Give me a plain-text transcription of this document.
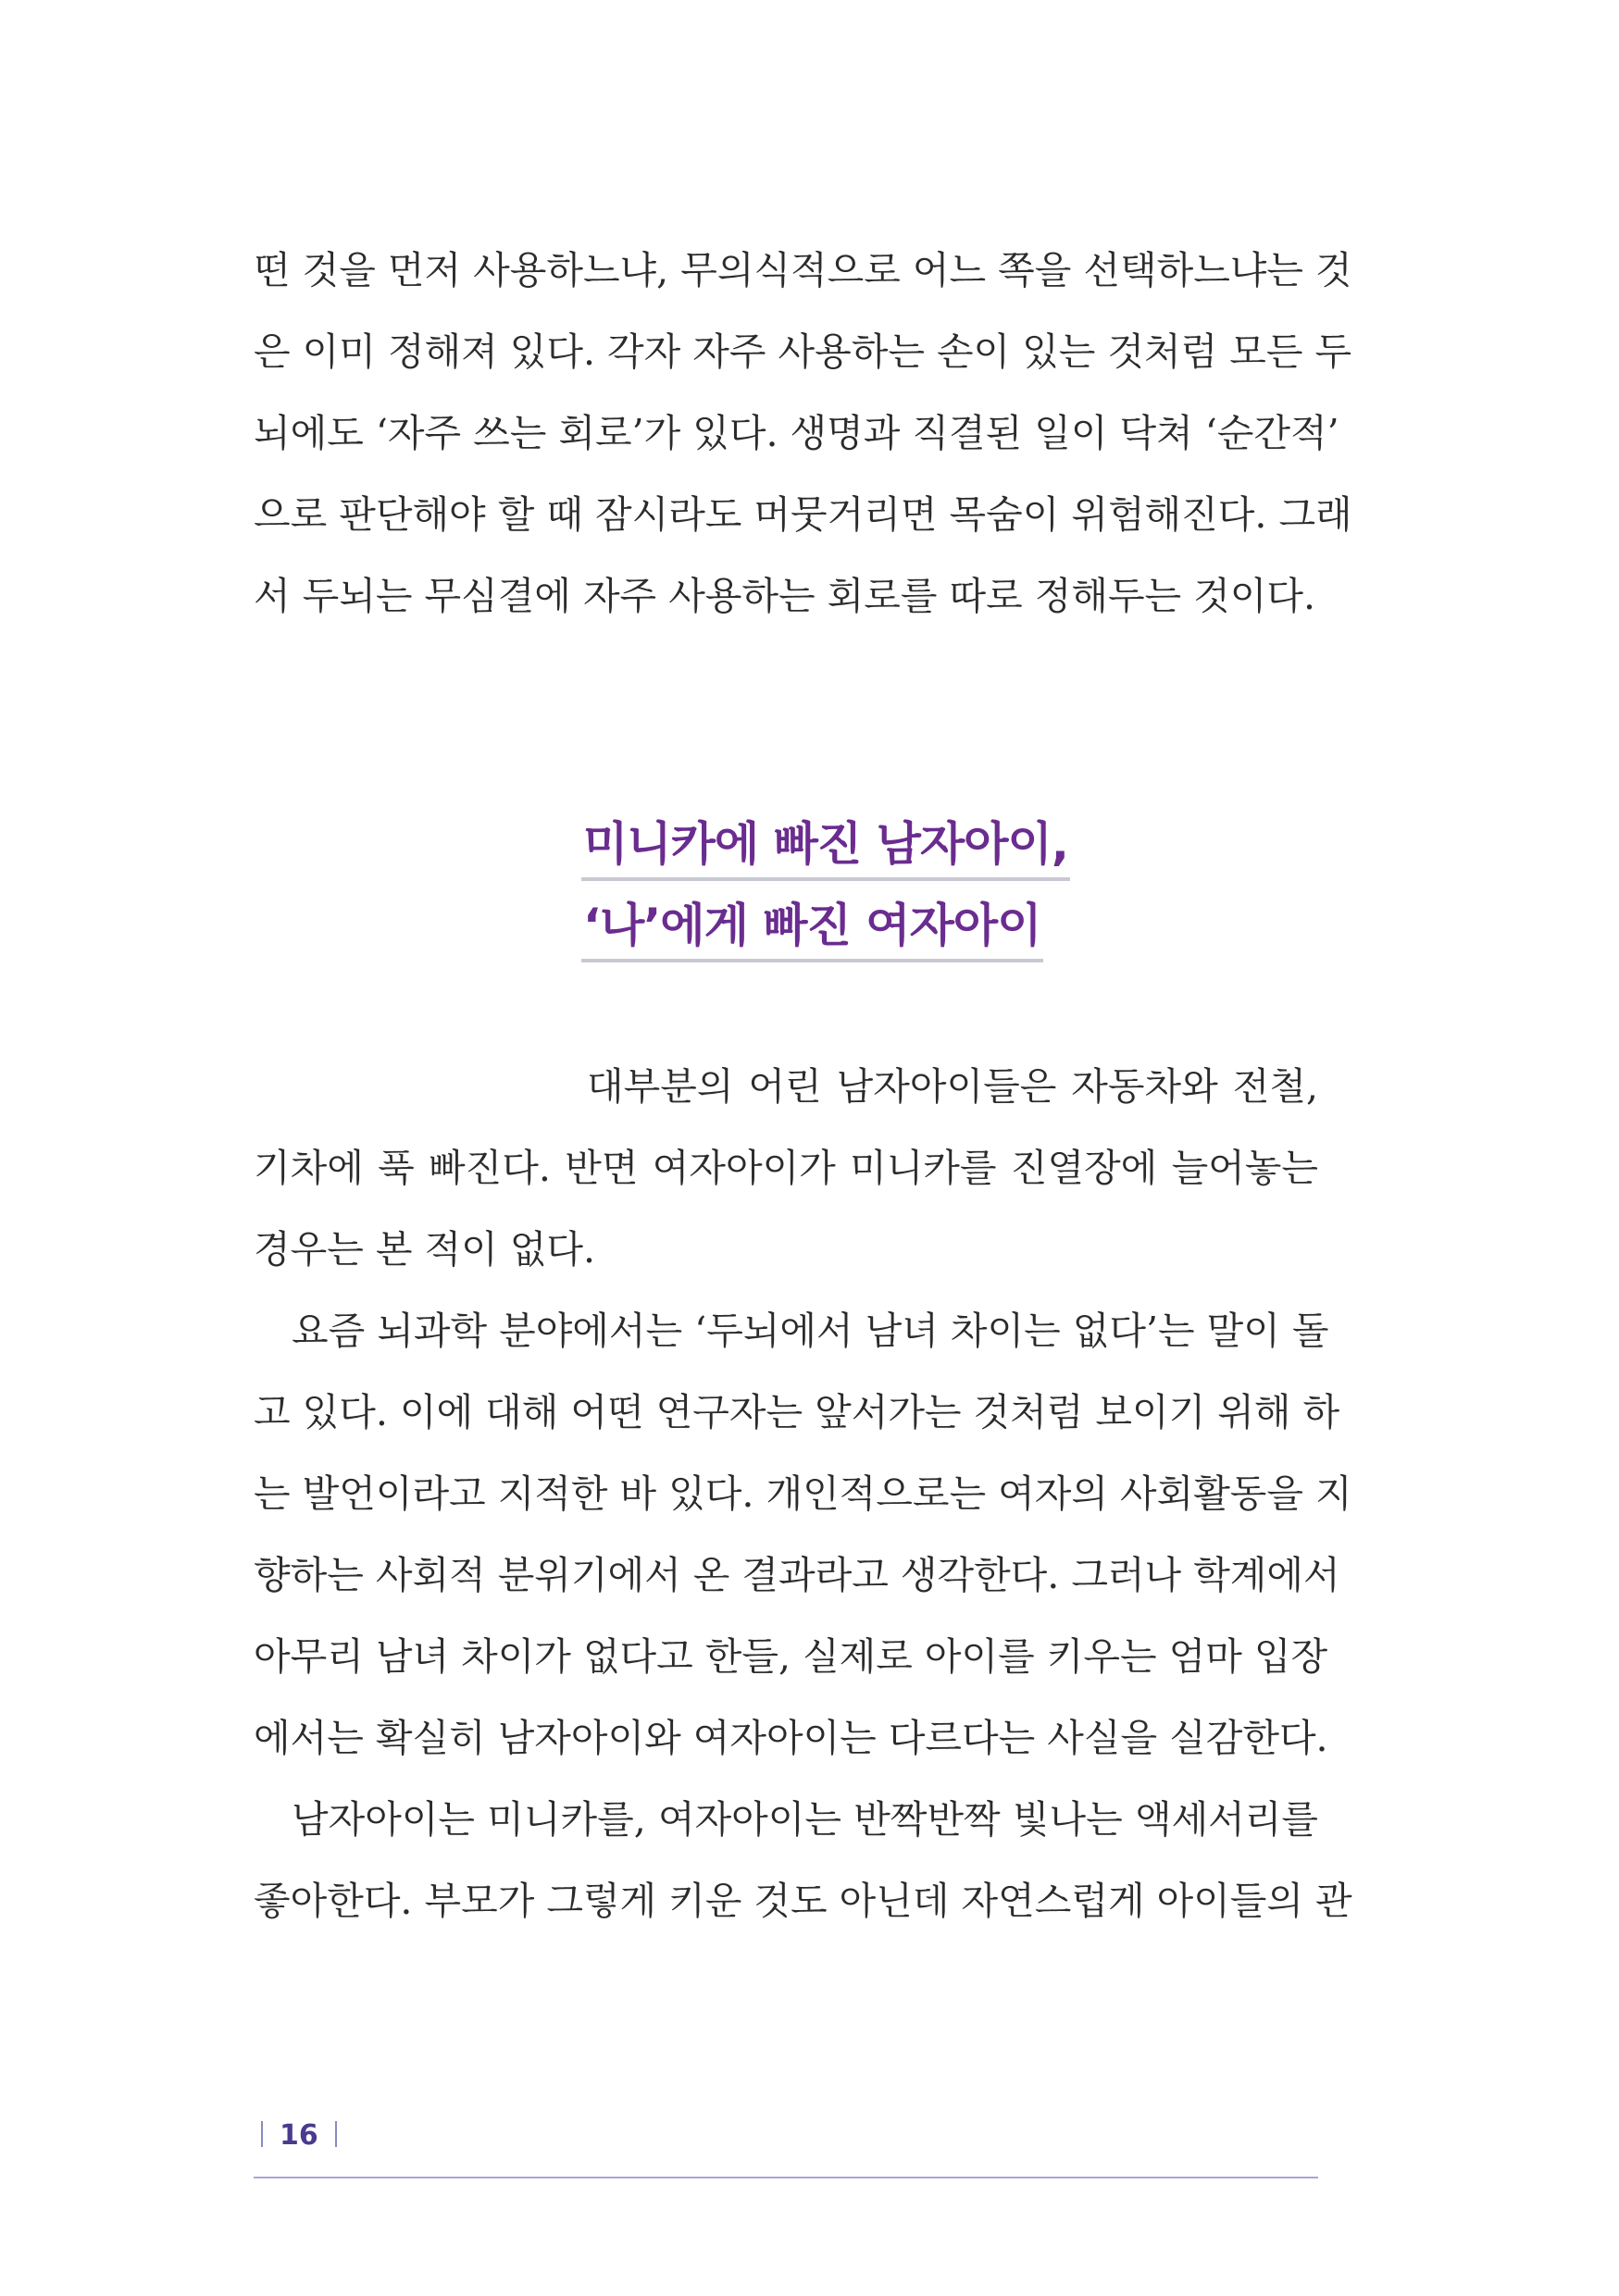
떤 것을 먼저 사용하느냐, 무의식적으로 어느 쪽을 선택하느냐는 것
은 이미 정해져 있다. 각자 자주 사용하는 손이 있는 것처럼 모든 두
뇌에도 ‘자주 쓰는 회로’가 있다. 생명과 직결된 일이 닥쳐 ‘순간적’
으로 판단해야 할 때 잠시라도 머뭇거리면 목숨이 위험해진다. 그래
서 두뇌는 무심결에 자주 사용하는 회로를 따로 정해두는 것이다.
미니카에 빠진 남자아이,
‘나’에게 빠진 여자아이
대부분의 어린 남자아이들은 자동차와 전철,
기차에 푹 빠진다. 반면 여자아이가 미니카를 진열장에 늘어놓는
경우는 본 적이 없다.
요즘 뇌과학 분야에서는 ‘두뇌에서 남녀 차이는 없다’는 말이 돌
고 있다. 이에 대해 어떤 연구자는 앞서가는 것처럼 보이기 위해 하
는 발언이라고 지적한 바 있다. 개인적으로는 여자의 사회활동을 지
향하는 사회적 분위기에서 온 결과라고 생각한다. 그러나 학계에서
아무리 남녀 차이가 없다고 한들, 실제로 아이를 키우는 엄마 입장
에서는 확실히 남자아이와 여자아이는 다르다는 사실을 실감한다.
남자아이는 미니카를, 여자아이는 반짝반짝 빛나는 액세서리를
좋아한다. 부모가 그렇게 키운 것도 아닌데 자연스럽게 아이들의 관
16
